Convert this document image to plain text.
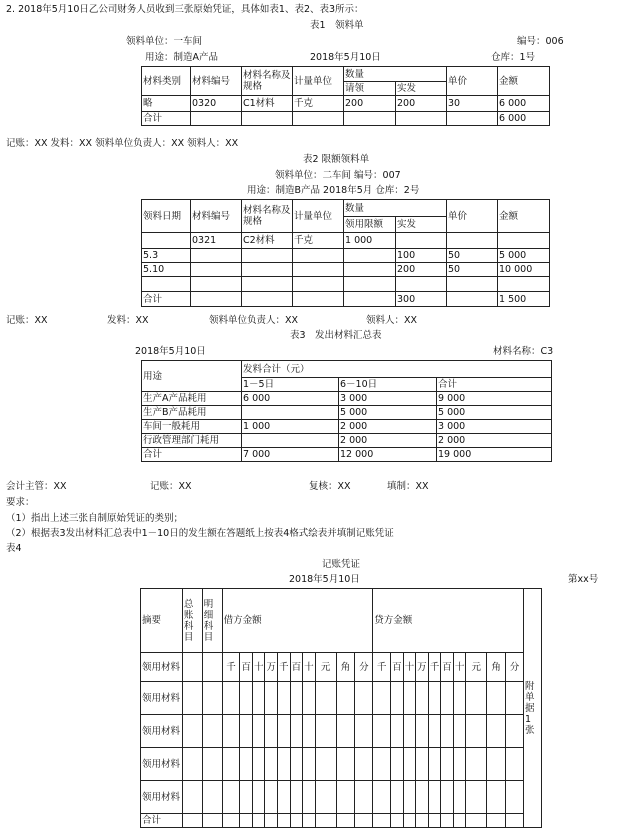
2. 2018年5月10日乙公司财务人员收到三张原始凭证，具体如表1、表2、表3所示：
表1　领料单
领料单位：一车间	编号：006
用途：制造A产品	2018年5月10日	仓库：1号
材料类别	材料编号	材料名称及规格	计量单位	数量		单价	金额
				请领	实发		
略	0320	C1材料	千克	200	200	30	6 000
合计							6 000
记账：XX 发料：XX 领料单位负责人：XX 领料人：XX
表2 限额领料单
领料单位：二车间 编号：007
用途：制造B产品 2018年5月 仓库：2号
领料日期	材料编号	材料名称及规格	计量单位	数量		单价	金额
				领用限额	实发		
	0321	C2材料	千克	1 000			
5.3					100	50	5 000
5.10					200	50	10 000

合计					300		1 500
记账：XX	发料：XX	领料单位负责人：XX	领料人：XX
表3　发出材料汇总表
2018年5月10日	材料名称：C3
用途	发料合计（元）		
	1－5日	6－10日	合计
生产A产品耗用	6 000	3 000	9 000
生产B产品耗用		5 000	5 000
车间一般耗用	1 000	2 000	3 000
行政管理部门耗用		2 000	2 000
合计	7 000	12 000	19 000
会计主管：XX	记账：XX	复核：XX	填制：XX
要求：
（1）指出上述三张自制原始凭证的类别；
（2）根据表3发出材料汇总表中1－10日的发生额在答题纸上按表4格式绘表并填制记账凭证
表4
记账凭证
2018年5月10日	第xx号
摘要	总账科目	明细科目	借方金额										贷方金额										附单据1张
领用材料			千	百	十	万	千	百	十	元	角	分	千	百	十	万	千	百	十	元	角	分	
领用材料																							
领用材料																							
领用材料																							
领用材料																							
合计																							
